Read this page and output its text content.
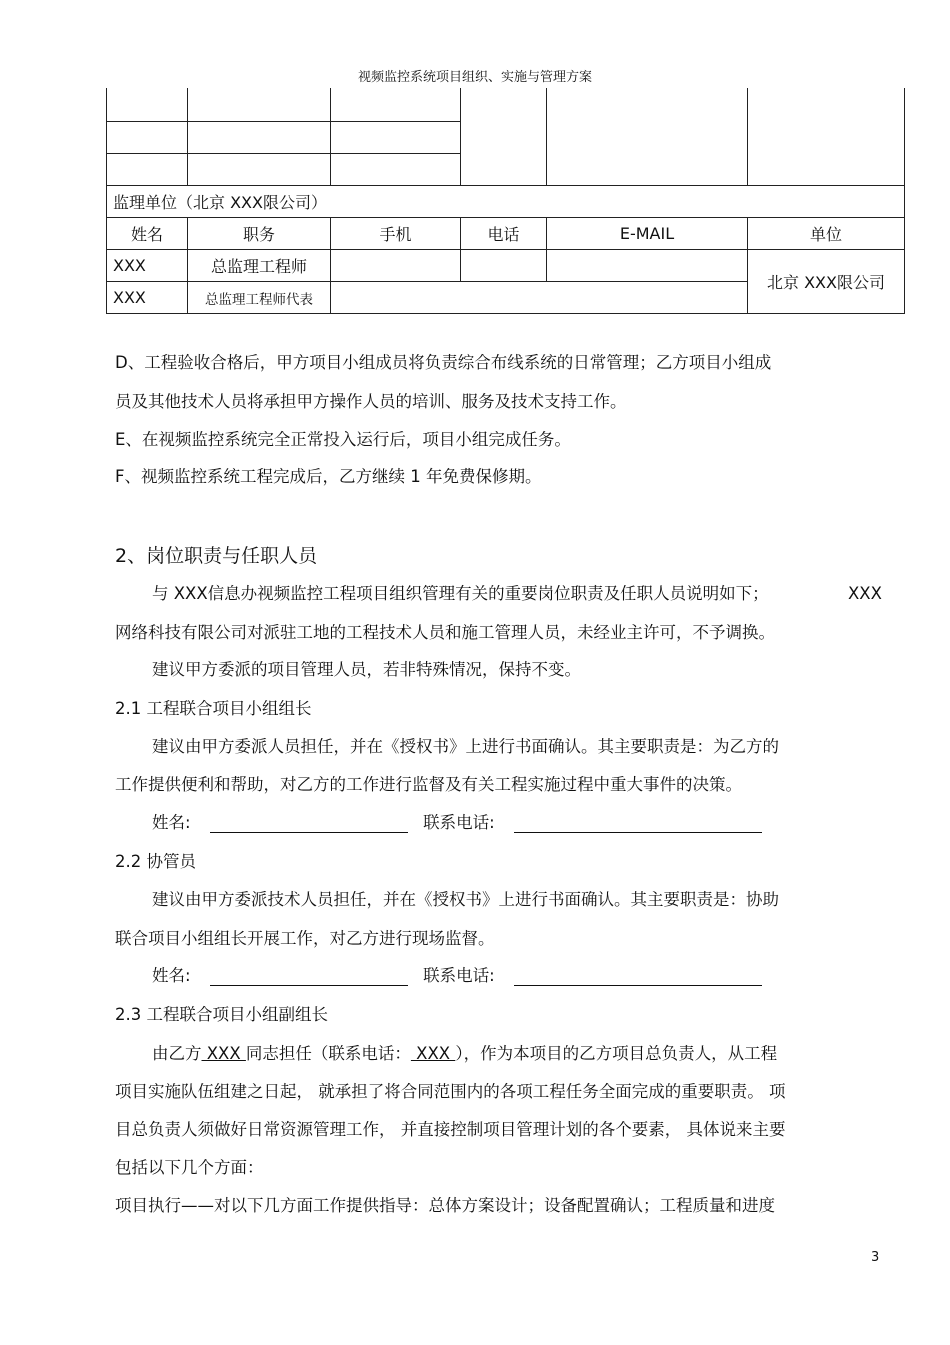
视频监控系统项目组织、实施与管理方案

监理单位（北京 XXX限公司）					
姓名	职务	手机	电话	E-MAIL	单位
XXX	总监理工程师				北京 XXX限公司
XXX	总监理工程师代表				
D、工程验收合格后，甲方项目小组成员将负责综合布线系统的日常管理；乙方项目小组成
员及其他技术人员将承担甲方操作人员的培训、服务及技术支持工作。
E、在视频监控系统完全正常投入运行后，项目小组完成任务。
F、视频监控系统工程完成后，乙方继续 1 年免费保修期。
2、岗位职责与任职人员
与 XXX信息办视频监控工程项目组织管理有关的重要岗位职责及任职人员说明如下；	XXX
网络科技有限公司对派驻工地的工程技术人员和施工管理人员，未经业主许可，不予调换。
建议甲方委派的项目管理人员，若非特殊情况，保持不变。
2.1 工程联合项目小组组长
建议由甲方委派人员担任，并在《授权书》上进行书面确认。其主要职责是：为乙方的
工作提供便利和帮助，对乙方的工作进行监督及有关工程实施过程中重大事件的决策。
姓名:	联系电话:
2.2 协管员
建议由甲方委派技术人员担任，并在《授权书》上进行书面确认。其主要职责是：协助
联合项目小组组长开展工作，对乙方进行现场监督。
姓名:	联系电话:
2.3 工程联合项目小组副组长
由乙方 XXX 同志担任（联系电话： XXX ），作为本项目的乙方项目总负责人，从工程
项目实施队伍组建之日起， 就承担了将合同范围内的各项工程任务全面完成的重要职责。 项
目总负责人须做好日常资源管理工作， 并直接控制项目管理计划的各个要素， 具体说来主要
包括以下几个方面：
项目执行——对以下几方面工作提供指导：总体方案设计；设备配置确认；工程质量和进度
3
